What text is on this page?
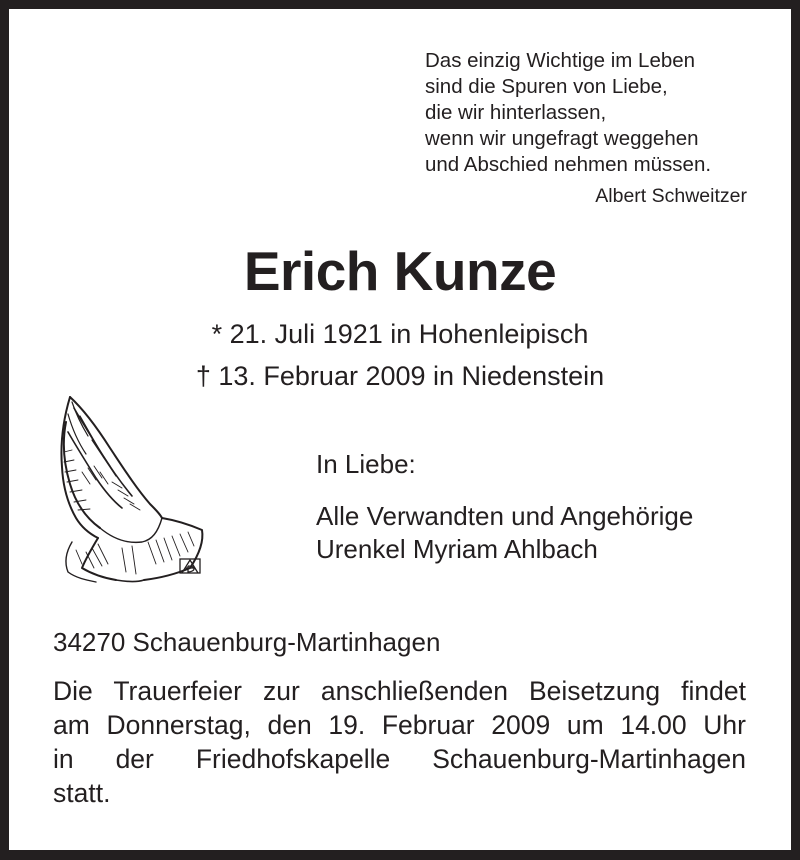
Das einzig Wichtige im Leben
sind die Spuren von Liebe,
die wir hinterlassen,
wenn wir ungefragt weggehen
und Abschied nehmen müssen.
Albert Schweitzer
Erich Kunze
* 21. Juli 1921 in Hohenleipisch
† 13. Februar 2009 in Niedenstein
In Liebe:
Alle Verwandten und Angehörige
Urenkel Myriam Ahlbach
34270 Schauenburg-Martinhagen
Die Trauerfeier zur anschließenden Beisetzung findet
am Donnerstag, den 19. Februar 2009 um 14.00 Uhr
in der Friedhofskapelle Schauenburg-Martinhagen
statt.
